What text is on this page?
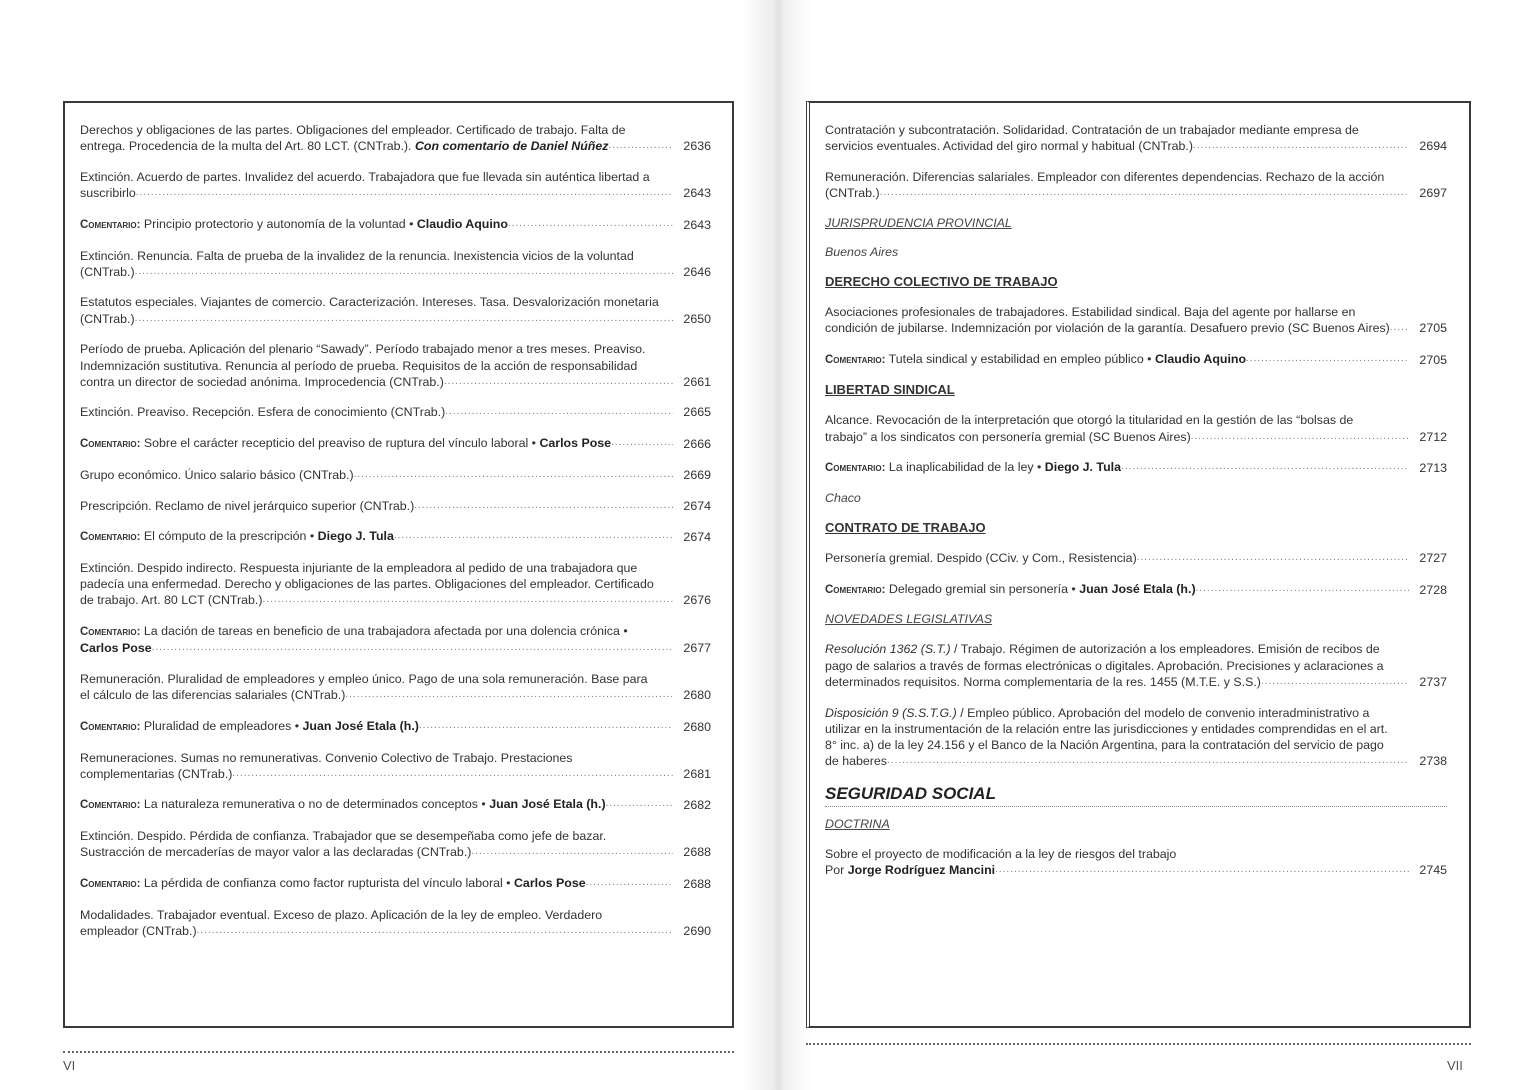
Derechos y obligaciones de las partes. Obligaciones del empleador. Certificado de trabajo. Falta de entrega. Procedencia de la multa del Art. 80 LCT. (CNTrab.). Con comentario de Daniel Núñez .....	2636
Extinción. Acuerdo de partes. Invalidez del acuerdo. Trabajadora que fue llevada sin auténtica libertad a suscribirlo .....	2643
Comentario: Principio protectorio y autonomía de la voluntad • Claudio Aquino .....	2643
Extinción. Renuncia. Falta de prueba de la invalidez de la renuncia. Inexistencia vicios de la voluntad (CNTrab.) .....	2646
Estatutos especiales. Viajantes de comercio. Caracterización. Intereses. Tasa. Desvalorización monetaria (CNTrab.) .....	2650
Período de prueba. Aplicación del plenario “Sawady”. Período trabajado menor a tres meses. Preaviso. Indemnización sustitutiva. Renuncia al período de prueba. Requisitos de la acción de responsabilidad contra un director de sociedad anónima. Improcedencia (CNTrab.) .....	2661
Extinción. Preaviso. Recepción. Esfera de conocimiento (CNTrab.) .....	2665
Comentario: Sobre el carácter recepticio del preaviso de ruptura del vínculo laboral • Carlos Pose .....	2666
Grupo económico. Único salario básico (CNTrab.) .....	2669
Prescripción. Reclamo de nivel jerárquico superior (CNTrab.) .....	2674
Comentario: El cómputo de la prescripción • Diego J. Tula .....	2674
Extinción. Despido indirecto. Respuesta injuriante de la empleadora al pedido de una trabajadora que padecía una enfermedad. Derecho y obligaciones de las partes. Obligaciones del empleador. Certificado de trabajo. Art. 80 LCT (CNTrab.) .....	2676
Comentario: La dación de tareas en beneficio de una trabajadora afectada por una dolencia crónica • Carlos Pose .....	2677
Remuneración. Pluralidad de empleadores y empleo único. Pago de una sola remuneración. Base para el cálculo de las diferencias salariales (CNTrab.) .....	2680
Comentario: Pluralidad de empleadores • Juan José Etala (h.) .....	2680
Remuneraciones. Sumas no remunerativas. Convenio Colectivo de Trabajo. Prestaciones complementarias (CNTrab.) .....	2681
Comentario: La naturaleza remunerativa o no de determinados conceptos • Juan José Etala (h.) .....	2682
Extinción. Despido. Pérdida de confianza. Trabajador que se desempeñaba como jefe de bazar. Sustracción de mercaderías de mayor valor a las declaradas (CNTrab.) .....	2688
Comentario: La pérdida de confianza como factor rupturista del vínculo laboral • Carlos Pose .....	2688
Modalidades. Trabajador eventual. Exceso de plazo. Aplicación de la ley de empleo. Verdadero empleador (CNTrab.) .....	2690
VI
Contratación y subcontratación. Solidaridad. Contratación de un trabajador mediante empresa de servicios eventuales. Actividad del giro normal y habitual (CNTrab.) .....	2694
Remuneración. Diferencias salariales. Empleador con diferentes dependencias. Rechazo de la acción (CNTrab.) .....	2697
JURISPRUDENCIA PROVINCIAL
Buenos Aires
DERECHO COLECTIVO DE TRABAJO
Asociaciones profesionales de trabajadores. Estabilidad sindical. Baja del agente por hallarse en condición de jubilarse. Indemnización por violación de la garantía. Desafuero previo (SC Buenos Aires) .....	2705
Comentario: Tutela sindical y estabilidad en empleo público • Claudio Aquino .....	2705
LIBERTAD SINDICAL
Alcance. Revocación de la interpretación que otorgó la titularidad en la gestión de las “bolsas de trabajo” a los sindicatos con personería gremial (SC Buenos Aires) .....	2712
Comentario: La inaplicabilidad de la ley • Diego J. Tula .....	2713
Chaco
CONTRATO DE TRABAJO
Personería gremial. Despido (CCiv. y Com., Resistencia) .....	2727
Comentario: Delegado gremial sin personería • Juan José Etala (h.) .....	2728
NOVEDADES LEGISLATIVAS
Resolución 1362 (S.T.) / Trabajo. Régimen de autorización a los empleadores. Emisión de recibos de pago de salarios a través de formas electrónicas o digitales. Aprobación. Precisiones y aclaraciones a determinados requisitos. Norma complementaria de la res. 1455 (M.T.E. y S.S.) .....	2737
Disposición 9 (S.S.T.G.) / Empleo público. Aprobación del modelo de convenio interadministrativo a utilizar en la instrumentación de la relación entre las jurisdicciones y entidades comprendidas en el art. 8° inc. a) de la ley 24.156 y el Banco de la Nación Argentina, para la contratación del servicio de pago de haberes .....	2738
SEGURIDAD SOCIAL
DOCTRINA
Sobre el proyecto de modificación a la ley de riesgos del trabajo
Por Jorge Rodríguez Mancini .....	2745
VII
